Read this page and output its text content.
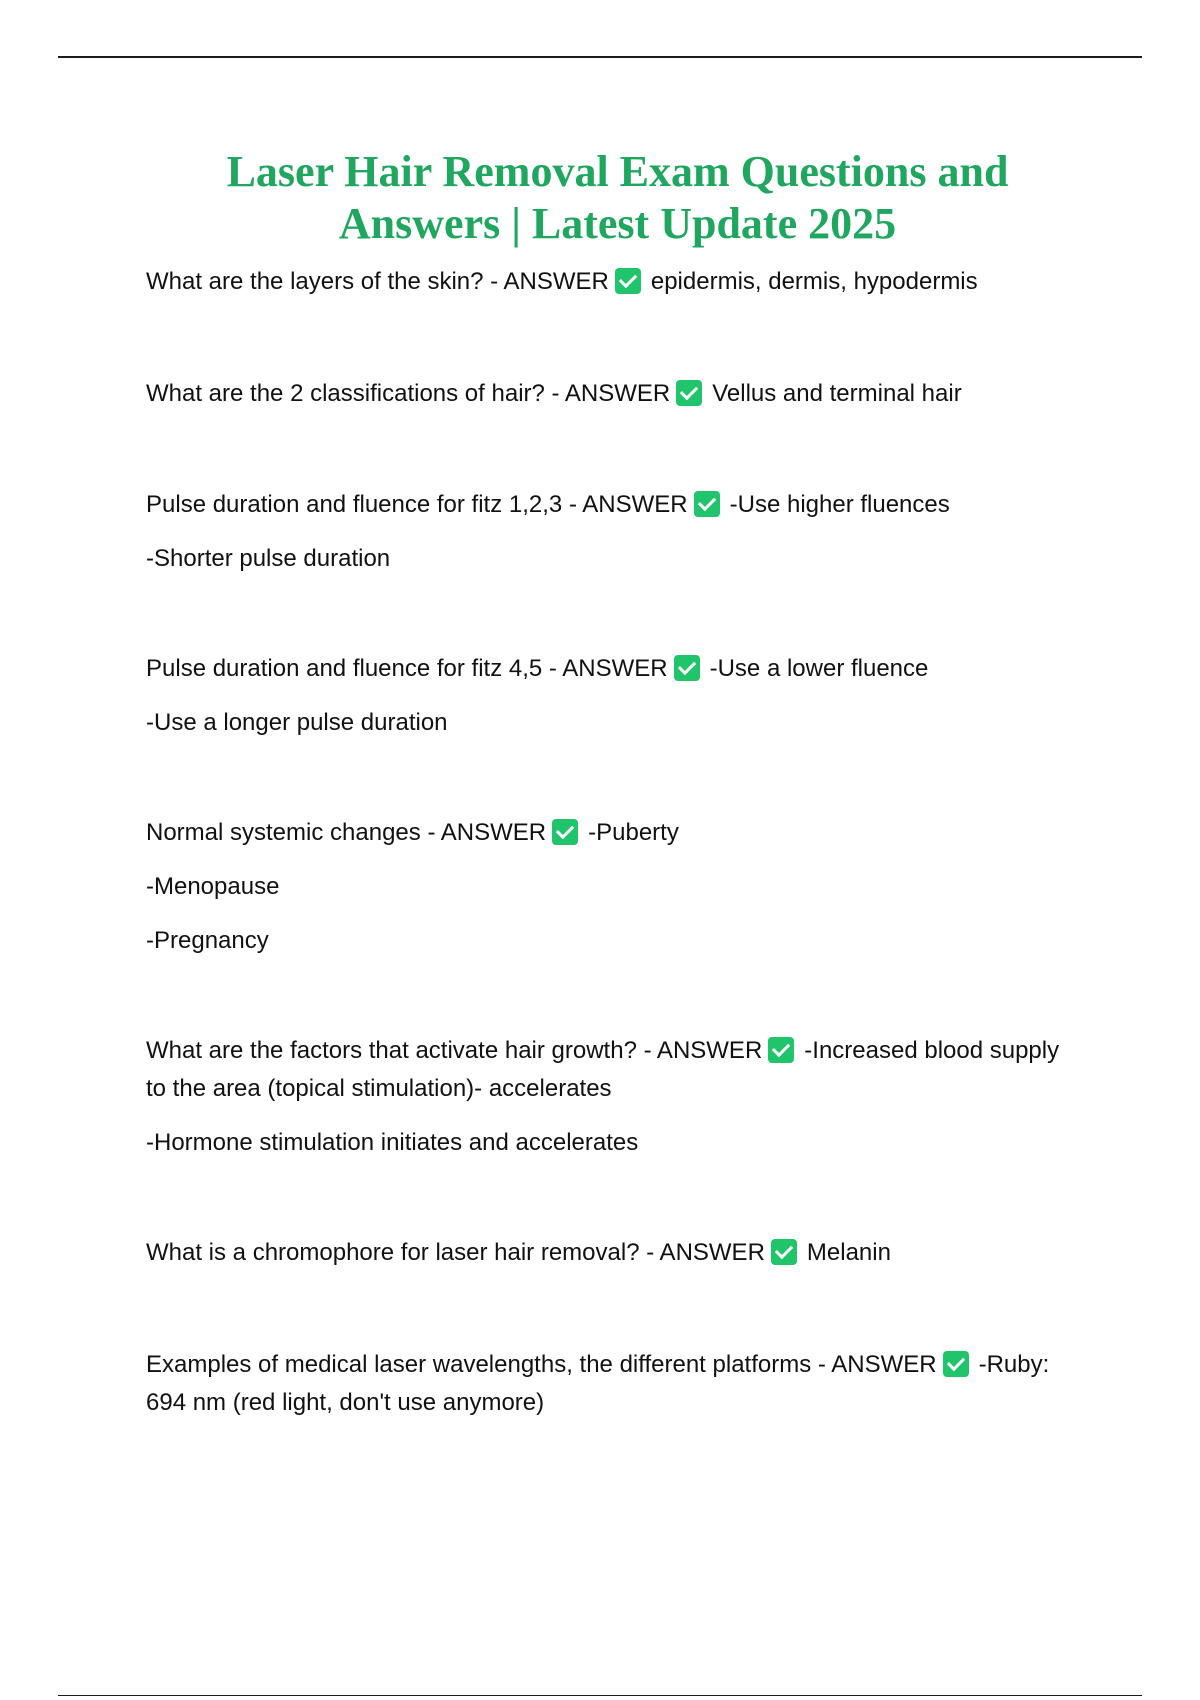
Laser Hair Removal Exam Questions and Answers | Latest Update 2025

What are the layers of the skin? - ANSWER epidermis, dermis, hypodermis

What are the 2 classifications of hair? - ANSWER Vellus and terminal hair

Pulse duration and fluence for fitz 1,2,3 - ANSWER -Use higher fluences

-Shorter pulse duration

Pulse duration and fluence for fitz 4,5 - ANSWER -Use a lower fluence

-Use a longer pulse duration

Normal systemic changes - ANSWER -Puberty

-Menopause

-Pregnancy

What are the factors that activate hair growth? - ANSWER -Increased blood supply to the area (topical stimulation)- accelerates

-Hormone stimulation initiates and accelerates

What is a chromophore for laser hair removal? - ANSWER Melanin

Examples of medical laser wavelengths, the different platforms - ANSWER -Ruby: 694 nm (red light, don't use anymore)
